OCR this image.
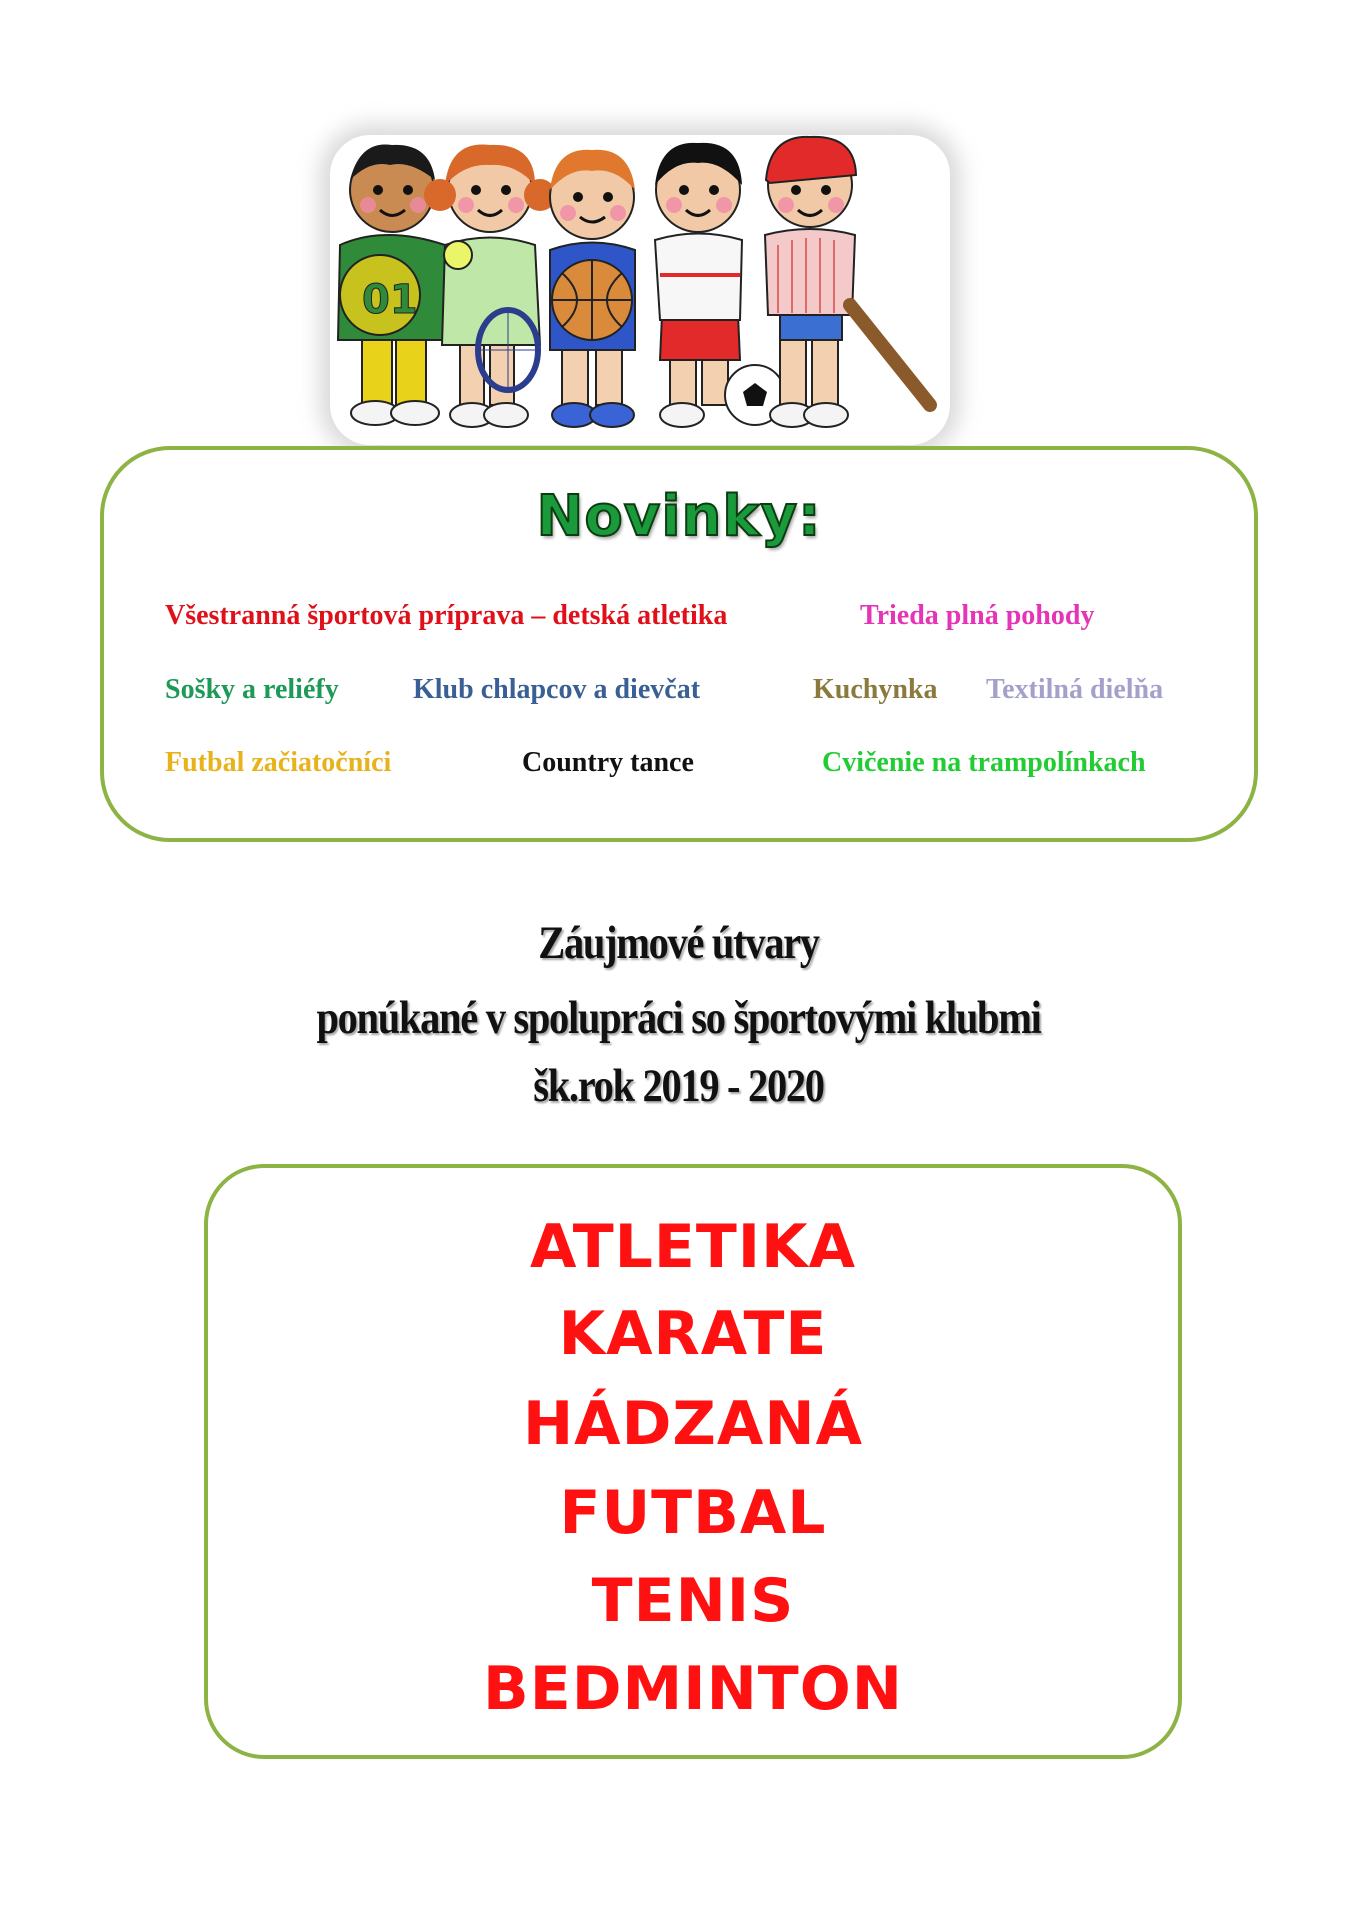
01
Novinky:
Všestranná športová príprava – detská atletika	Trieda plná pohody
Sošky a reliéfy	Klub chlapcov a dievčat	Kuchynka Textilná dielňa
Futbal začiatočníci	Country tance	Cvičenie na trampolínkach
Záujmové útvary
ponúkané v spolupráci so športovými klubmi
šk.rok 2019 - 2020
ATLETIKA
KARATE
HÁDZANÁ
FUTBAL
TENIS
BEDMINTON
